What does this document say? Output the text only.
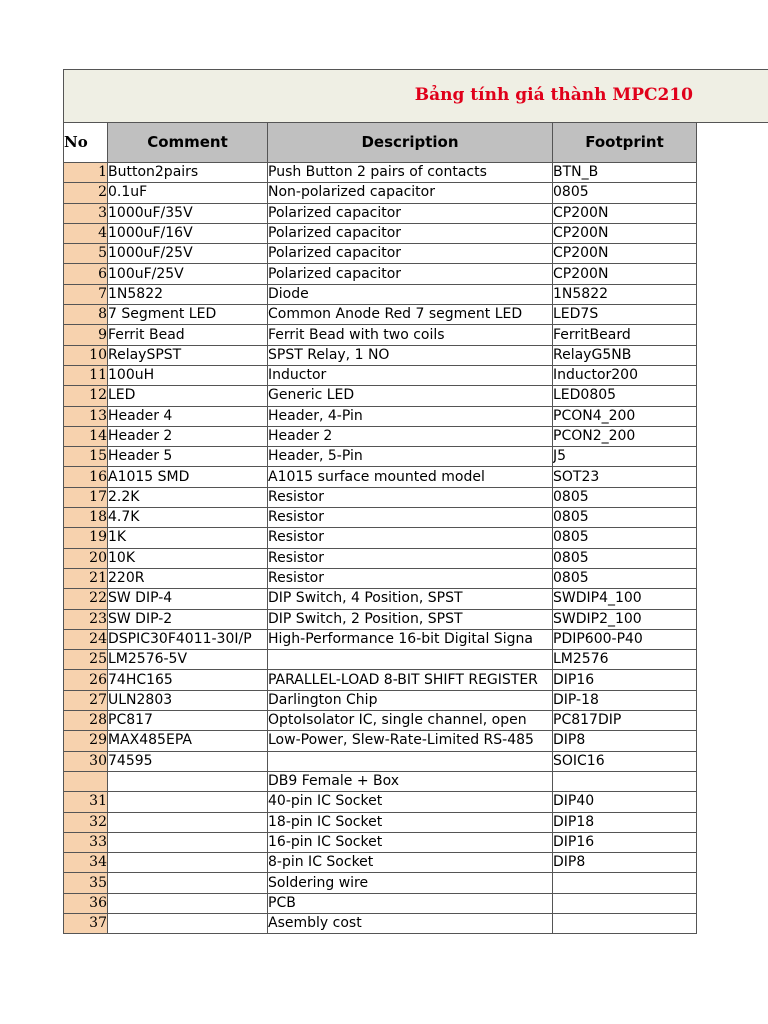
Bảng tính giá thành MPC210
No	Comment	Description	Footprint
1	Button2pairs	Push Button 2 pairs of contacts	BTN_B
2	0.1uF	Non-polarized capacitor	0805
3	1000uF/35V	Polarized capacitor	CP200N
4	1000uF/16V	Polarized capacitor	CP200N
5	1000uF/25V	Polarized capacitor	CP200N
6	100uF/25V	Polarized capacitor	CP200N
7	1N5822	Diode	1N5822
8	7 Segment LED	Common Anode Red 7 segment LED	LED7S
9	Ferrit Bead	Ferrit Bead with two coils	FerritBeard
10	RelaySPST	SPST Relay, 1 NO	RelayG5NB
11	100uH	Inductor	Inductor200
12	LED	Generic LED	LED0805
13	Header 4	Header, 4-Pin	PCON4_200
14	Header 2	Header 2	PCON2_200
15	Header 5	Header, 5-Pin	J5
16	A1015 SMD	A1015 surface mounted model	SOT23
17	2.2K	Resistor	0805
18	4.7K	Resistor	0805
19	1K	Resistor	0805
20	10K	Resistor	0805
21	220R	Resistor	0805
22	SW DIP-4	DIP Switch, 4 Position, SPST	SWDIP4_100
23	SW DIP-2	DIP Switch, 2 Position, SPST	SWDIP2_100
24	DSPIC30F4011-30I/P	High-Performance 16-bit Digital Signa	PDIP600-P40
25	LM2576-5V		LM2576
26	74HC165	PARALLEL-LOAD 8-BIT SHIFT REGISTER	DIP16
27	ULN2803	Darlington Chip	DIP-18
28	PC817	OptoIsolator IC, single channel, open	PC817DIP
29	MAX485EPA	Low-Power, Slew-Rate-Limited RS-485	DIP8
30	74595		SOIC16
		DB9 Female + Box	
31		40-pin IC Socket	DIP40
32		18-pin IC Socket	DIP18
33		16-pin IC Socket	DIP16
34		8-pin IC Socket	DIP8
35		Soldering wire	
36		PCB	
37		Asembly cost	
